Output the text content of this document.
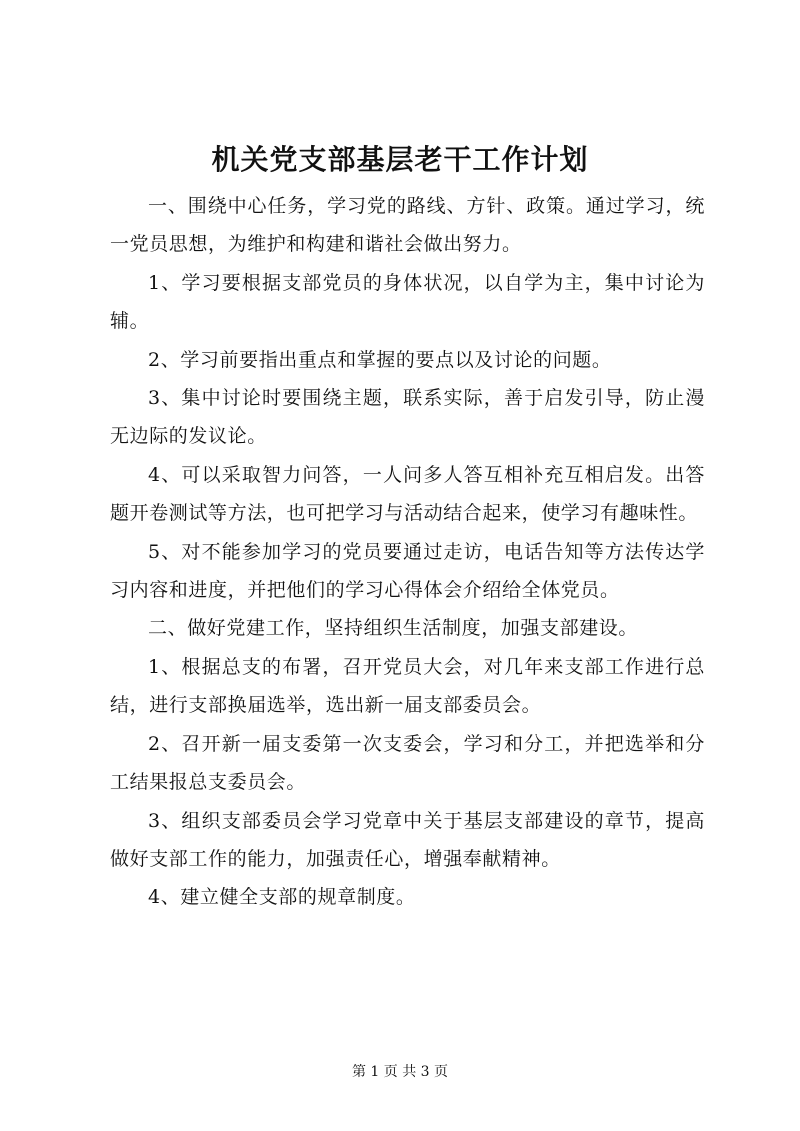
机关党支部基层老干工作计划

一、围绕中心任务，学习党的路线、方针、政策。通过学习，统一党员思想，为维护和构建和谐社会做出努力。

1、学习要根据支部党员的身体状况，以自学为主，集中讨论为辅。

2、学习前要指出重点和掌握的要点以及讨论的问题。

3、集中讨论时要围绕主题，联系实际，善于启发引导，防止漫无边际的发议论。

4、可以采取智力问答，一人问多人答互相补充互相启发。出答题开卷测试等方法，也可把学习与活动结合起来，使学习有趣味性。

5、对不能参加学习的党员要通过走访，电话告知等方法传达学习内容和进度，并把他们的学习心得体会介绍给全体党员。

二、做好党建工作，坚持组织生活制度，加强支部建设。

1、根据总支的布署，召开党员大会，对几年来支部工作进行总结，进行支部换届选举，选出新一届支部委员会。

2、召开新一届支委第一次支委会，学习和分工，并把选举和分工结果报总支委员会。

3、组织支部委员会学习党章中关于基层支部建设的章节，提高做好支部工作的能力，加强责任心，增强奉献精神。

4、建立健全支部的规章制度。

第 1 页 共 3 页
